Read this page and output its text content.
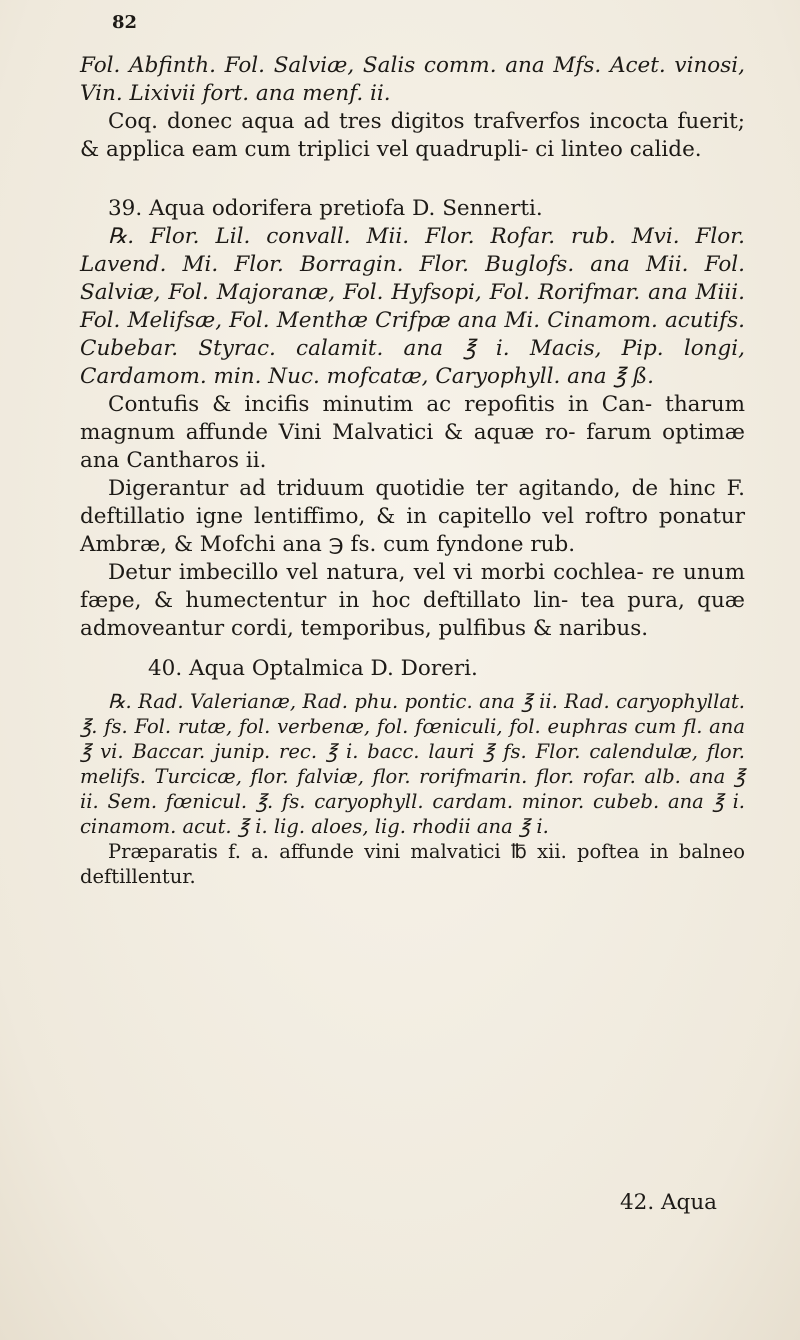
82

Fol. Abfinth. Fol. Salviæ, Salis comm. ana Mfs. Acet. vinosi, Vin. Lixivii fort. ana menf. ii.

Coq. donec aqua ad tres digitos trafverfos incocta fuerit; & applica eam cum triplici vel quadrupli- ci linteo calide.

39. Aqua odorifera pretiofa D. Sennerti.

℞. Flor. Lil. convall. Mii. Flor. Rofar. rub. Mvi. Flor. Lavend. Mi. Flor. Borragin. Flor. Buglofs. ana Mii. Fol. Salviæ, Fol. Majoranæ, Fol. Hyfsopi, Fol. Rorifmar. ana Miii. Fol. Melifsæ, Fol. Menthæ Crifpæ ana Mi. Cinamom. acutifs. Cubebar. Styrac. calamit. ana ℥ i. Macis, Pip. longi, Cardamom. min. Nuc. mofcatæ, Caryophyll. ana ℥ ß.

Contufis & incifis minutim ac repofitis in Can- tharum magnum affunde Vini Malvatici & aquæ ro- farum optimæ ana Cantharos ii.

Digerantur ad triduum quotidie ter agitando, de hinc F. deftillatio igne lentiffimo, & in capitello vel roftro ponatur Ambræ, & Mofchi ana ℈ fs. cum fyndone rub.

Detur imbecillo vel natura, vel vi morbi cochlea- re unum fæpe, & humectentur in hoc deftillato lin- tea pura, quæ admoveantur cordi, temporibus, pulfibus & naribus.

40. Aqua Optalmica D. Doreri.

℞. Rad. Valerianæ, Rad. phu. pontic. ana ℥ ii. Rad. caryophyllat. ℥. fs. Fol. rutæ, fol. verbenæ, fol. fœniculi, fol. euphras cum fl. ana ℥ vi. Baccar. junip. rec. ℥ i. bacc. lauri ℥ fs. Flor. calendulæ, flor. melifs. Turcicæ, flor. falviæ, flor. rorifmarin. flor. rofar. alb. ana ℥ ii. Sem. fœnicul. ℥. fs. caryophyll. cardam. minor. cubeb. ana ℥ i. cinamom. acut. ℥ i. lig. aloes, lig. rhodii ana ℥ i.

Præparatis f. a. affunde vini malvatici ℔ xii. poftea in balneo deftillentur.

42. Aqua
